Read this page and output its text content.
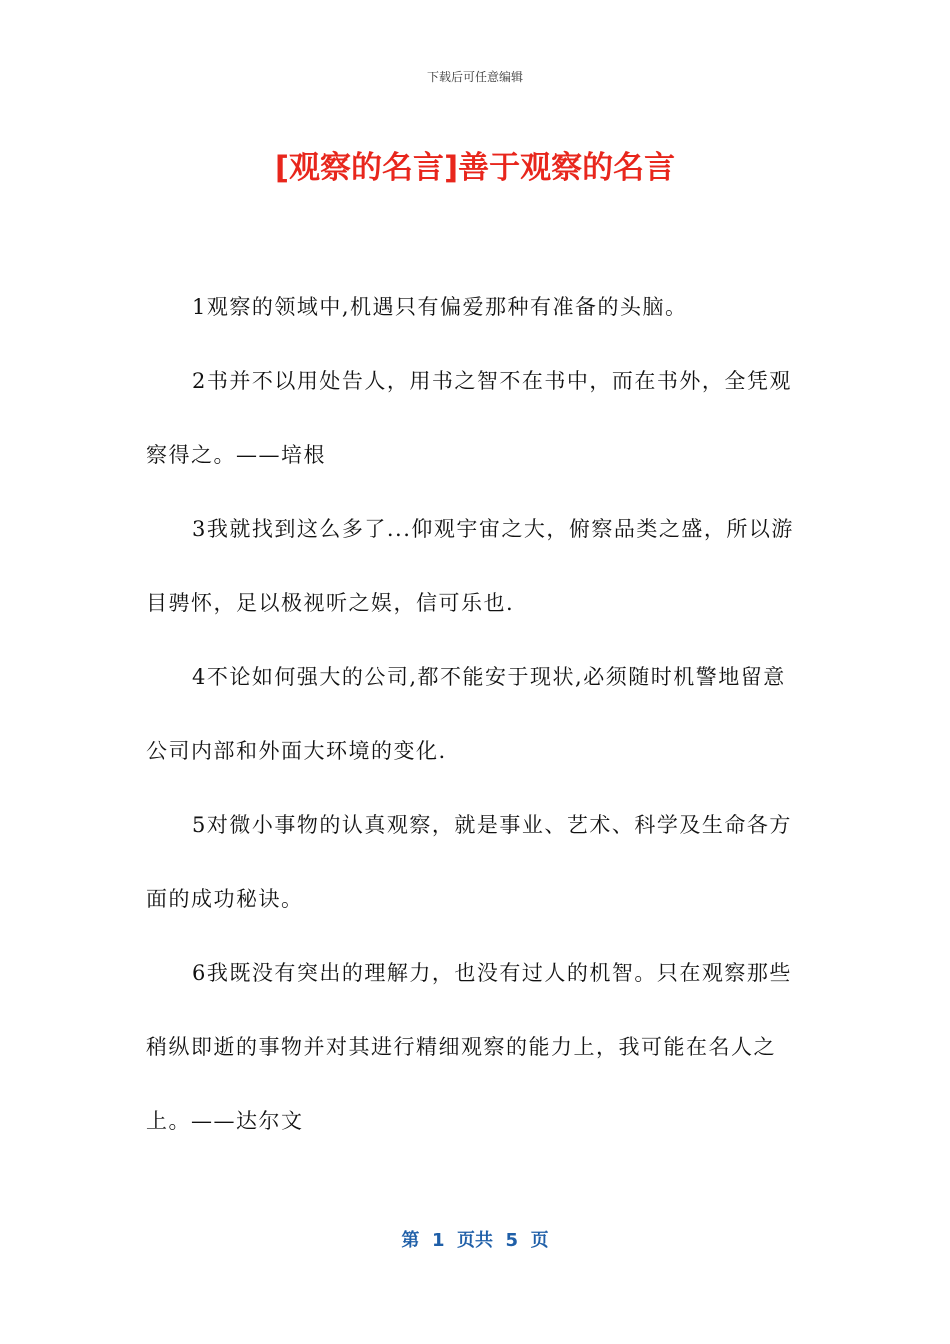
下载后可任意编辑
[观察的名言]善于观察的名言

1观察的领域中,机遇只有偏爱那种有准备的头脑。

2书并不以用处告人，用书之智不在书中，而在书外，全凭观察得之。——培根

3我就找到这么多了...仰观宇宙之大，俯察品类之盛，所以游目骋怀，足以极视听之娱，信可乐也.

4不论如何强大的公司,都不能安于现状,必须随时机警地留意公司内部和外面大环境的变化.

5对微小事物的认真观察，就是事业、艺术、科学及生命各方面的成功秘诀。

6我既没有突出的理解力，也没有过人的机智。只在观察那些稍纵即逝的事物并对其进行精细观察的能力上，我可能在名人之上。——达尔文

第  1  页共  5  页
